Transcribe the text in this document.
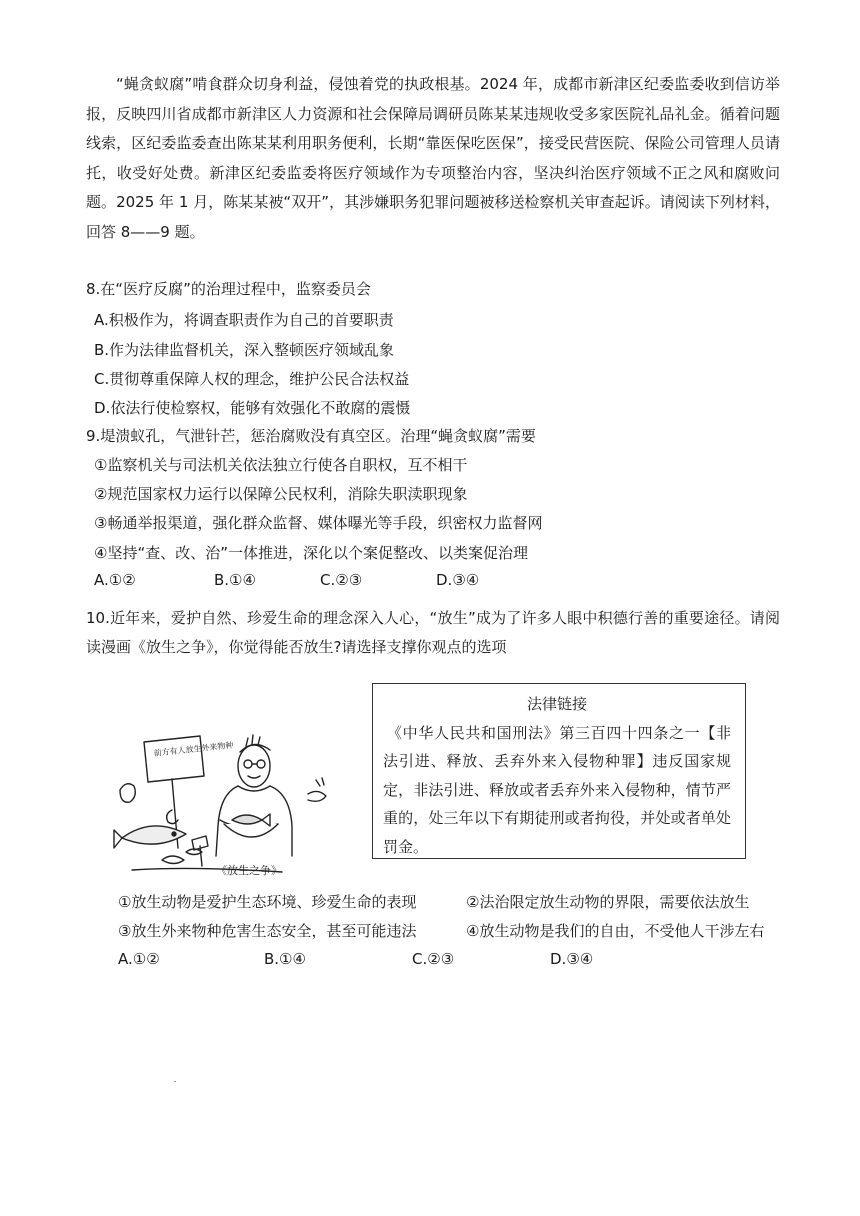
“蝇贪蚁腐”啃食群众切身利益，侵蚀着党的执政根基。2024 年，成都市新津区纪委监委收到信访举报，反映四川省成都市新津区人力资源和社会保障局调研员陈某某违规收受多家医院礼品礼金。循着问题线索，区纪委监委查出陈某某利用职务便利，长期“靠医保吃医保”，接受民营医院、保险公司管理人员请托，收受好处费。新津区纪委监委将医疗领域作为专项整治内容，坚决纠治医疗领域不正之风和腐败问题。2025 年 1 月，陈某某被“双开”，其涉嫌职务犯罪问题被移送检察机关审查起诉。请阅读下列材料，回答 8——9 题。

8.在“医疗反腐”的治理过程中，监察委员会
A.积极作为，将调查职责作为自己的首要职责
B.作为法律监督机关，深入整顿医疗领域乱象
C.贯彻尊重保障人权的理念，维护公民合法权益
D.依法行使检察权，能够有效强化不敢腐的震慑
9.堤溃蚁孔，气泄针芒，惩治腐败没有真空区。治理“蝇贪蚁腐”需要
①监察机关与司法机关依法独立行使各自职权，互不相干
②规范国家权力运行以保障公民权利，消除失职渎职现象
③畅通举报渠道，强化群众监督、媒体曝光等手段，织密权力监督网
④坚持“查、改、治”一体推进，深化以个案促整改、以类案促治理
A.①②	B.①④	C.②③	D.③④
10.近年来，爱护自然、珍爱生命的理念深入人心，“放生”成为了许多人眼中积德行善的重要途径。请阅读漫画《放生之争》，你觉得能否放生?请选择支撑你观点的选项
法律链接
《中华人民共和国刑法》第三百四十四条之一【非法引进、释放、丢弃外来入侵物种罪】违反国家规定，非法引进、释放或者丢弃外来入侵物种，情节严重的，处三年以下有期徒刑或者拘役，并处或者单处罚金。
前方有人放生外来物种
《放生之争》
①放生动物是爱护生态环境、珍爱生命的表现	②法治限定放生动物的界限，需要依法放生
③放生外来物种危害生态安全，甚至可能违法	④放生动物是我们的自由，不受他人干涉左右
A.①②	B.①④	C.②③	D.③④
